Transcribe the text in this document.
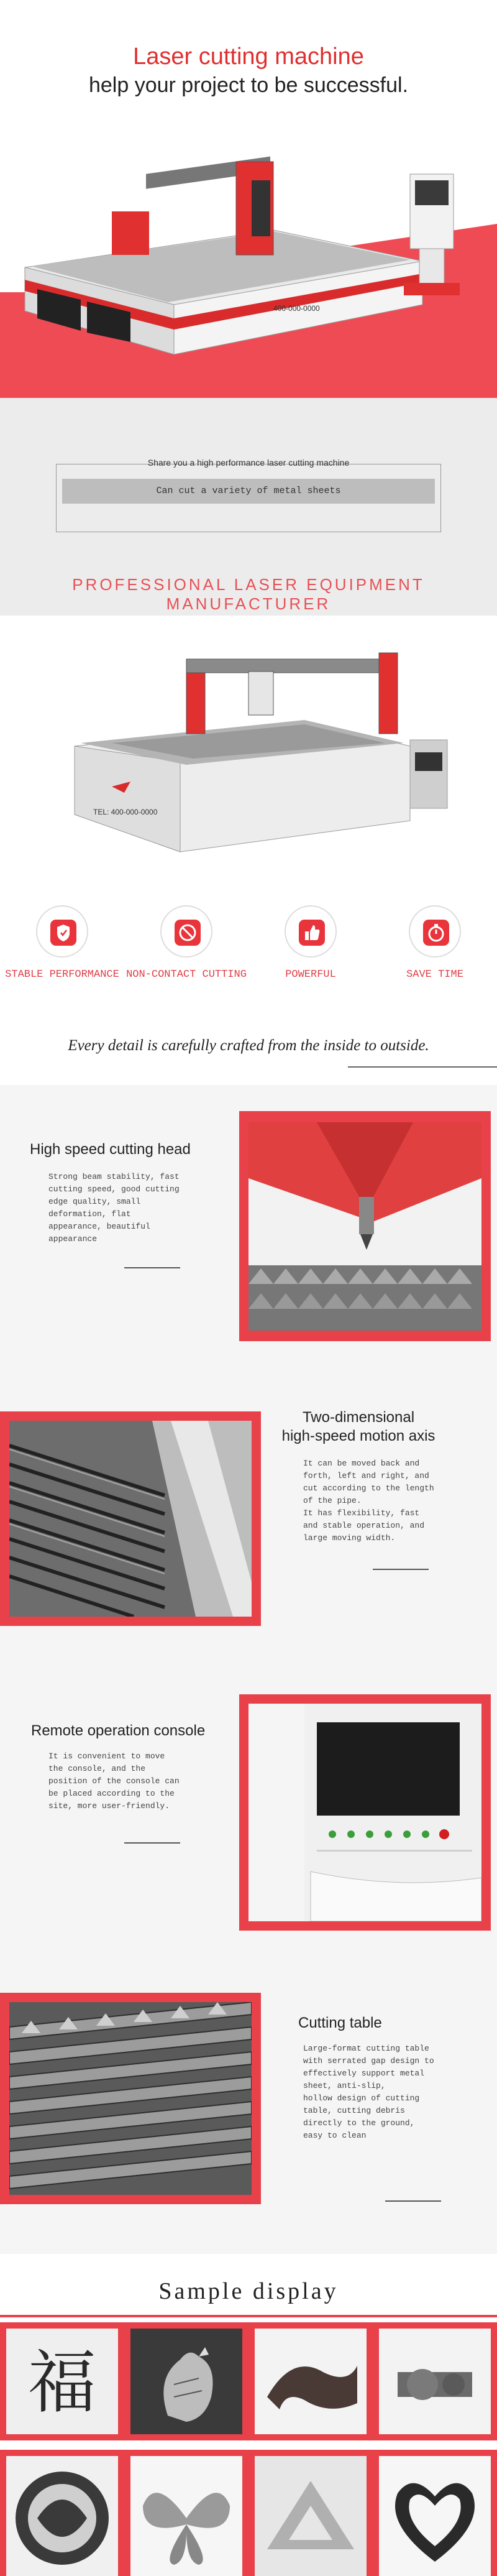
Laser cutting machine
help your project to be successful.
400-000-0000
Share you a high performance laser cutting machine
Can cut a variety of metal sheets
PROFESSIONAL LASER EQUIPMENT MANUFACTURER
TEL: 400-000-0000
STABLE PERFORMANCE NON-CONTACT CUTTING	POWERFUL	SAVE TIME
Every detail is carefully crafted from the inside to outside.
High speed cutting head
Strong beam stability, fast
cutting speed, good cutting
edge quality, small
deformation, flat
appearance, beautiful
appearance
Two-dimensional
high-speed motion axis
It can be moved back and
forth, left and right, and
cut according to the length
of the pipe.
It has flexibility, fast
and stable operation, and
large moving width.
Remote operation console
It is convenient to move
the console, and the
position of the console can
be placed according to the
site, more user-friendly.
Cutting table
Large-format cutting table
with serrated gap design to
effectively support metal
sheet, anti-slip,
hollow design of cutting
table, cutting debris
directly to the ground,
easy to clean
Sample display
福
